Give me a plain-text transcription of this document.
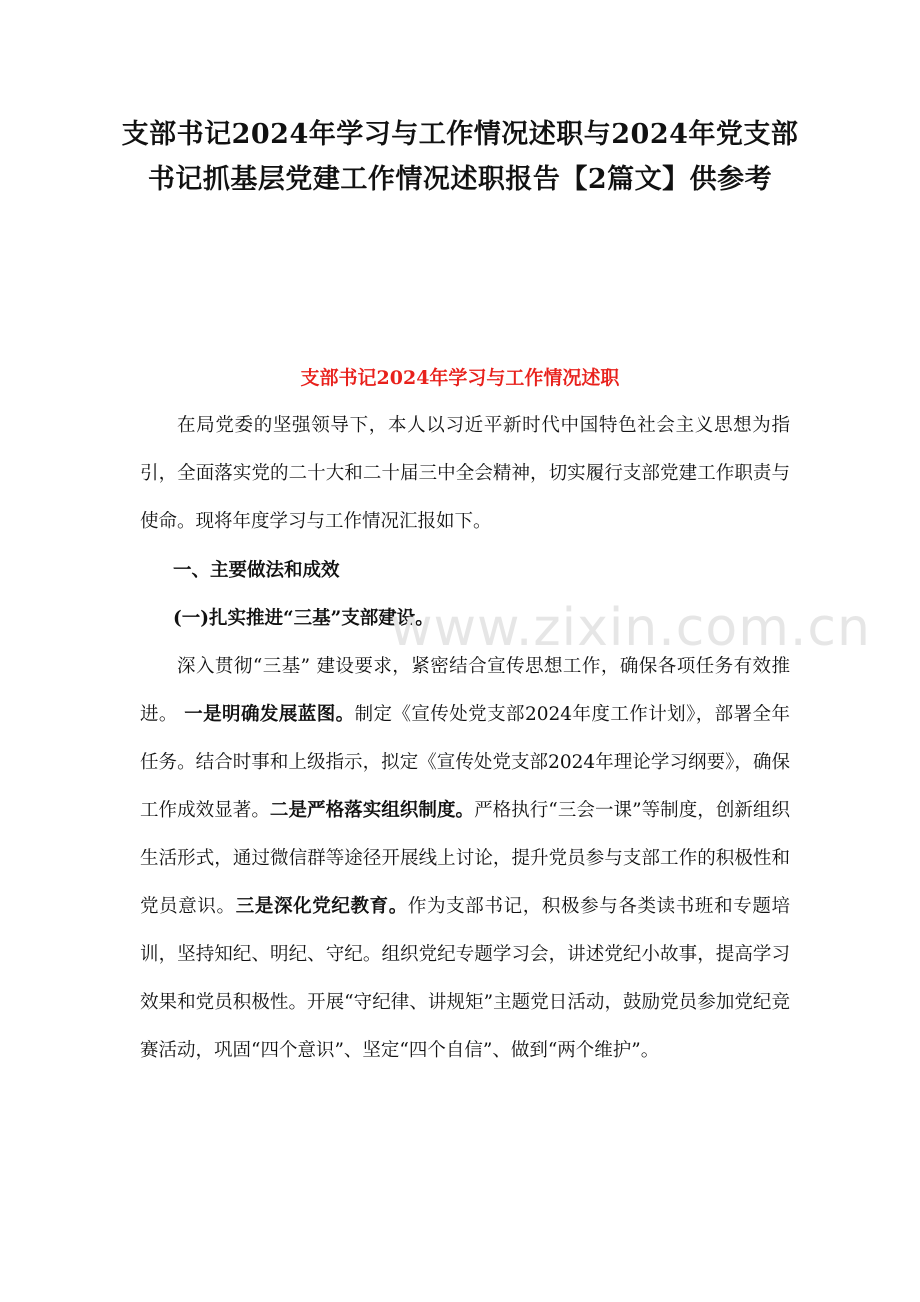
支部书记2024年学习与工作情况述职与2024年党支部书记抓基层党建工作情况述职报告【2篇文】供参考
支部书记2024年学习与工作情况述职

在局党委的坚强领导下，本人以习近平新时代中国特色社会主义思想为指引，全面落实党的二十大和二十届三中全会精神，切实履行支部党建工作职责与使命。现将年度学习与工作情况汇报如下。

一、主要做法和成效

(一)扎实推进“三基”支部建设。

深入贯彻“三基” 建设要求，紧密结合宣传思想工作，确保各项任务有效推进。 一是明确发展蓝图。制定《宣传处党支部2024年度工作计划》，部署全年任务。结合时事和上级指示，拟定《宣传处党支部2024年理论学习纲要》，确保工作成效显著。二是严格落实组织制度。严格执行“三会一课”等制度，创新组织生活形式，通过微信群等途径开展线上讨论，提升党员参与支部工作的积极性和党员意识。三是深化党纪教育。作为支部书记，积极参与各类读书班和专题培训，坚持知纪、明纪、守纪。组织党纪专题学习会，讲述党纪小故事，提高学习效果和党员积极性。开展“守纪律、讲规矩”主题党日活动，鼓励党员参加党纪竞赛活动，巩固“四个意识”、坚定“四个自信”、做到“两个维护”。

www.zixin.com.cn
